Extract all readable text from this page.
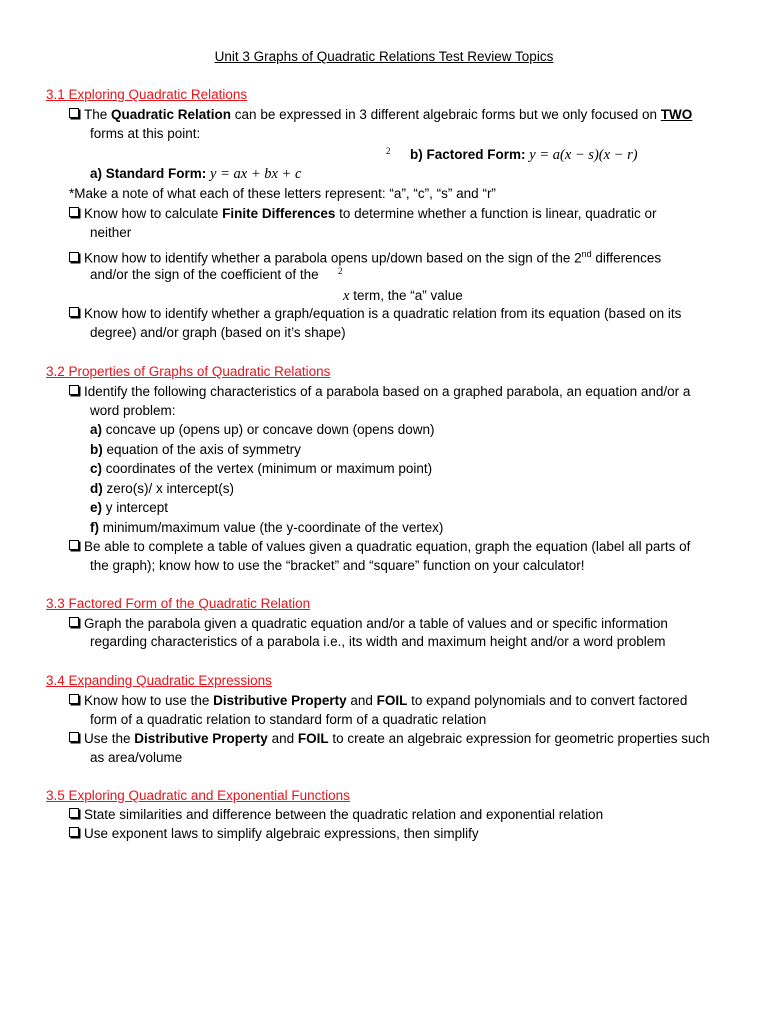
Unit 3 Graphs of Quadratic Relations Test Review Topics
3.1 Exploring Quadratic Relations
The Quadratic Relation can be expressed in 3 different algebraic forms but we only focused on TWO
forms at this point:
2 b) Factored Form: y = a(x − s)(x − r)
a) Standard Form: y = ax + bx + c
*Make a note of what each of these letters represent: “a”, “c”, “s” and “r”
Know how to calculate Finite Differences to determine whether a function is linear, quadratic or
neither
Know how to identify whether a parabola opens up/down based on the sign of the 2nd differences
and/or the sign of the coefficient of the 2
x term, the “a” value
Know how to identify whether a graph/equation is a quadratic relation from its equation (based on its
degree) and/or graph (based on it’s shape)
3.2 Properties of Graphs of Quadratic Relations
Identify the following characteristics of a parabola based on a graphed parabola, an equation and/or a
word problem:
a) concave up (opens up) or concave down (opens down)
b) equation of the axis of symmetry
c) coordinates of the vertex (minimum or maximum point)
d) zero(s)/ x intercept(s)
e) y intercept
f) minimum/maximum value (the y-coordinate of the vertex)
Be able to complete a table of values given a quadratic equation, graph the equation (label all parts of
the graph); know how to use the “bracket” and “square” function on your calculator!
3.3 Factored Form of the Quadratic Relation
Graph the parabola given a quadratic equation and/or a table of values and or specific information
regarding characteristics of a parabola i.e., its width and maximum height and/or a word problem
3.4 Expanding Quadratic Expressions
Know how to use the Distributive Property and FOIL to expand polynomials and to convert factored
form of a quadratic relation to standard form of a quadratic relation
Use the Distributive Property and FOIL to create an algebraic expression for geometric properties such
as area/volume
3.5 Exploring Quadratic and Exponential Functions
State similarities and difference between the quadratic relation and exponential relation
Use exponent laws to simplify algebraic expressions, then simplify
